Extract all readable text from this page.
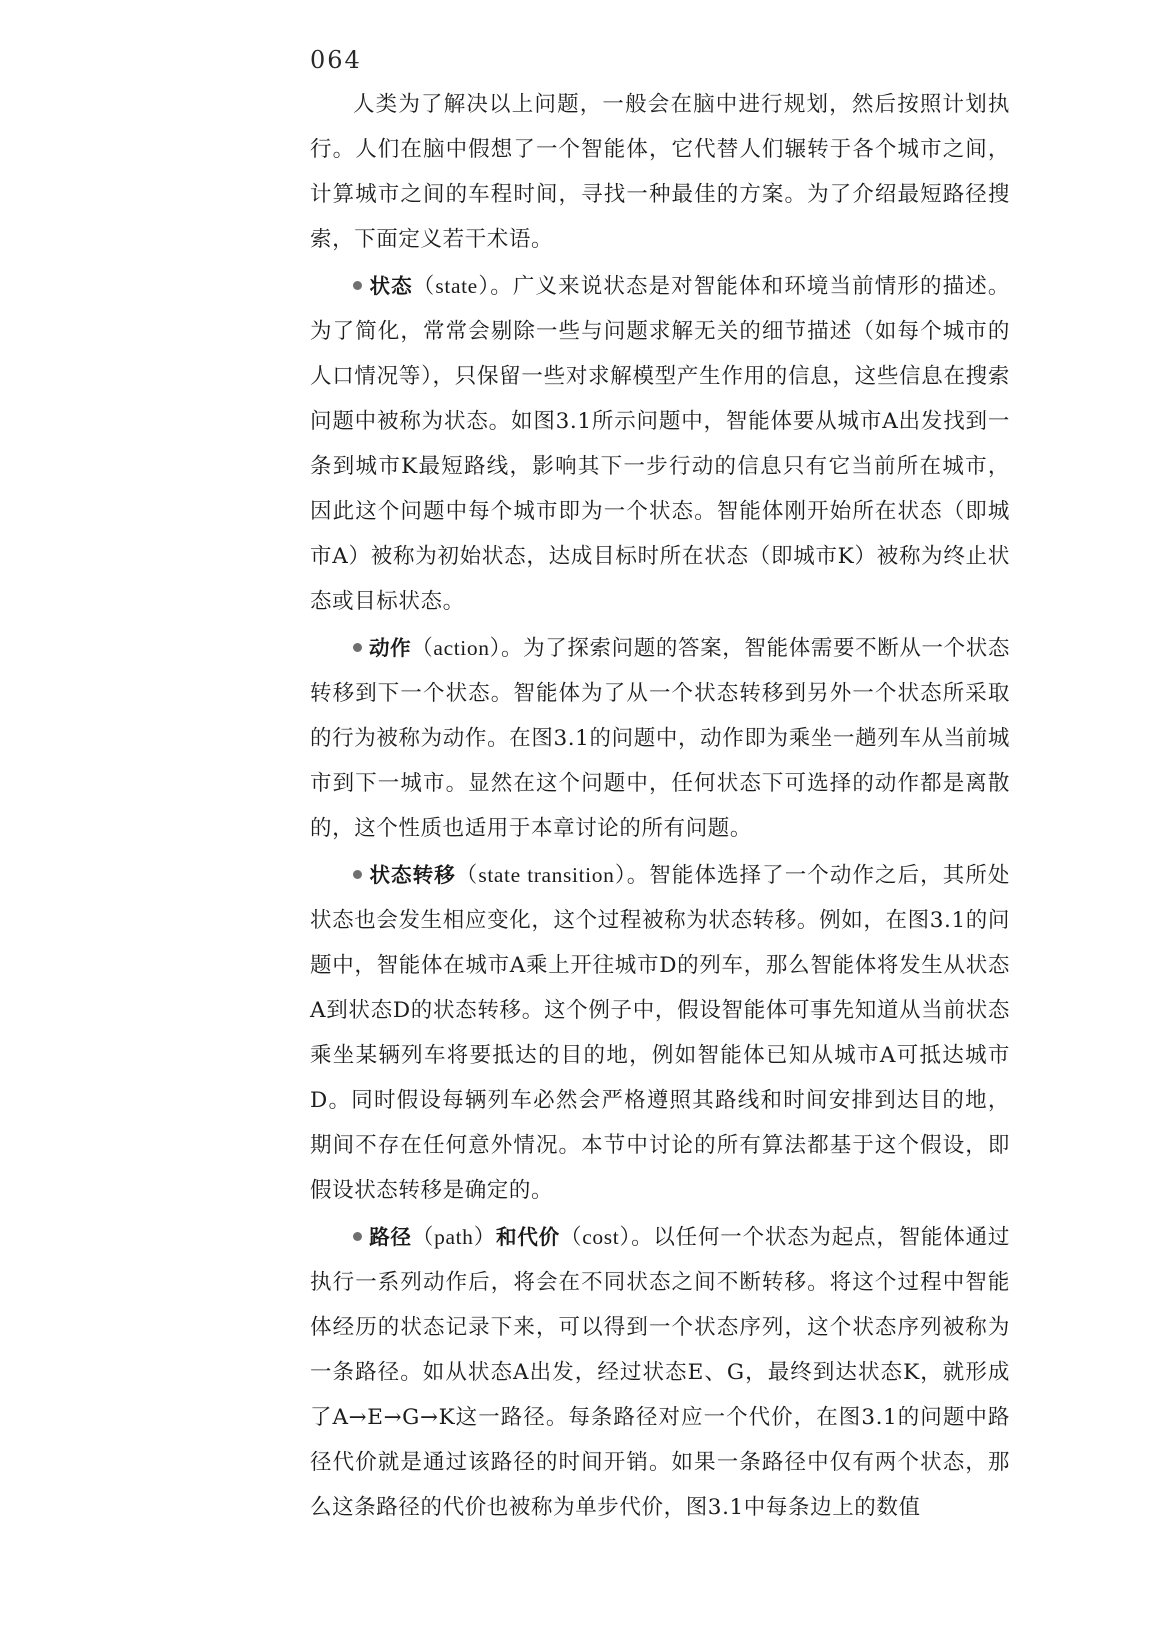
064

人类为了解决以上问题，一般会在脑中进行规划，然后按照计划执行。人们在脑中假想了一个智能体，它代替人们辗转于各个城市之间，计算城市之间的车程时间，寻找一种最佳的方案。为了介绍最短路径搜索，下面定义若干术语。

状态（state）。广义来说状态是对智能体和环境当前情形的描述。为了简化，常常会剔除一些与问题求解无关的细节描述（如每个城市的人口情况等），只保留一些对求解模型产生作用的信息，这些信息在搜索问题中被称为状态。如图3.1所示问题中，智能体要从城市A出发找到一条到城市K最短路线，影响其下一步行动的信息只有它当前所在城市，因此这个问题中每个城市即为一个状态。智能体刚开始所在状态（即城市A）被称为初始状态，达成目标时所在状态（即城市K）被称为终止状态或目标状态。

动作（action）。为了探索问题的答案，智能体需要不断从一个状态转移到下一个状态。智能体为了从一个状态转移到另外一个状态所采取的行为被称为动作。在图3.1的问题中，动作即为乘坐一趟列车从当前城市到下一城市。显然在这个问题中，任何状态下可选择的动作都是离散的，这个性质也适用于本章讨论的所有问题。

状态转移（state transition）。智能体选择了一个动作之后，其所处状态也会发生相应变化，这个过程被称为状态转移。例如，在图3.1的问题中，智能体在城市A乘上开往城市D的列车，那么智能体将发生从状态A到状态D的状态转移。这个例子中，假设智能体可事先知道从当前状态乘坐某辆列车将要抵达的目的地，例如智能体已知从城市A可抵达城市D。同时假设每辆列车必然会严格遵照其路线和时间安排到达目的地，期间不存在任何意外情况。本节中讨论的所有算法都基于这个假设，即假设状态转移是确定的。

路径（path）和代价（cost）。以任何一个状态为起点，智能体通过执行一系列动作后，将会在不同状态之间不断转移。将这个过程中智能体经历的状态记录下来，可以得到一个状态序列，这个状态序列被称为一条路径。如从状态A出发，经过状态E、G，最终到达状态K，就形成了A→E→G→K这一路径。每条路径对应一个代价，在图3.1的问题中路径代价就是通过该路径的时间开销。如果一条路径中仅有两个状态，那么这条路径的代价也被称为单步代价，图3.1中每条边上的数值
